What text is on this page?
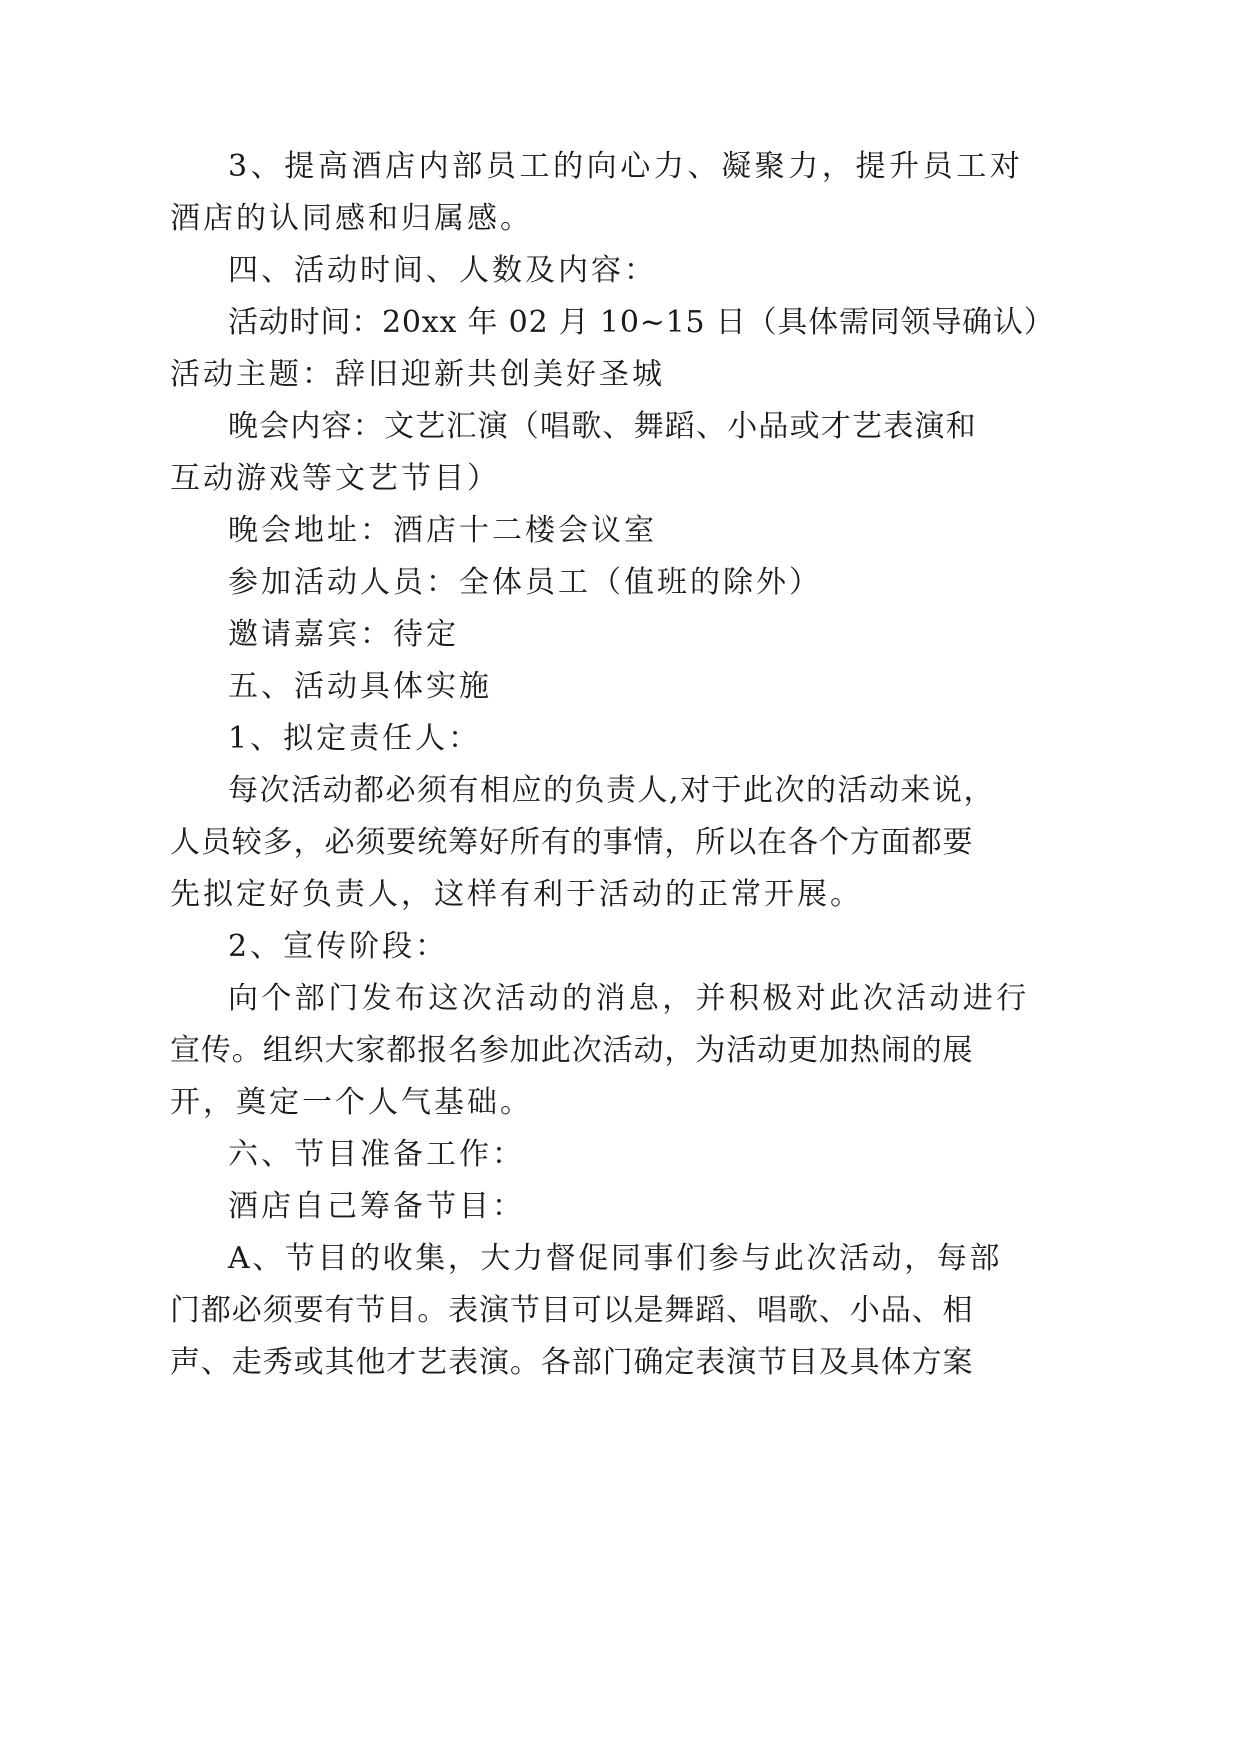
3、提高酒店内部员工的向心力、凝聚力，提升员工对
酒店的认同感和归属感。
四、活动时间、人数及内容：
活动时间：20xx 年 02 月 10~15 日（具体需同领导确认）
活动主题：辞旧迎新共创美好圣城
晚会内容：文艺汇演（唱歌、舞蹈、小品或才艺表演和
互动游戏等文艺节目）
晚会地址：酒店十二楼会议室
参加活动人员：全体员工（值班的除外）
邀请嘉宾：待定
五、活动具体实施
1、拟定责任人：
每次活动都必须有相应的负责人,对于此次的活动来说，
人员较多，必须要统筹好所有的事情，所以在各个方面都要
先拟定好负责人，这样有利于活动的正常开展。
2、宣传阶段：
向个部门发布这次活动的消息，并积极对此次活动进行
宣传。组织大家都报名参加此次活动，为活动更加热闹的展
开，奠定一个人气基础。
六、节目准备工作：
酒店自己筹备节目：
A、节目的收集，大力督促同事们参与此次活动，每部
门都必须要有节目。表演节目可以是舞蹈、唱歌、小品、相
声、走秀或其他才艺表演。各部门确定表演节目及具体方案
